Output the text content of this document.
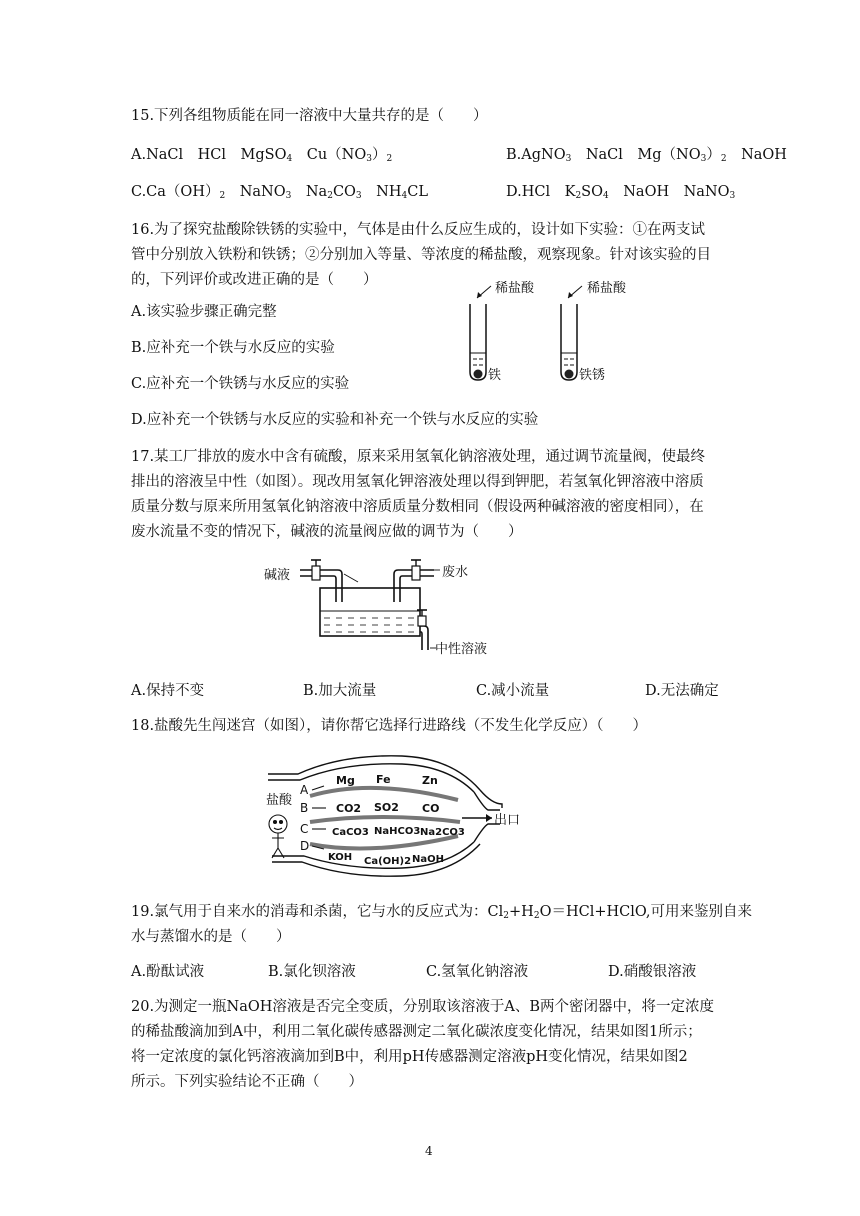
15.下列各组物质能在同一溶液中大量共存的是（　　）
A.NaCl　HCl　MgSO$_4$　$Cu(NO_3)_2$	B.AgNO$_3$　NaCl　$Mg(NO_3)_2$　NaOH
$C.Ca(OH)_2$　NaNO$_3$　$Na_2CO_3$　$NH_4CL$	D.HCl　$K_2SO_4$　NaOH　NaNO$_3$
16.为了探究盐酸除铁锈的实验中，气体是由什么反应生成的，设计如下实验：①在两支试
管中分别放入铁粉和铁锈；②分别加入等量、等浓度的稀盐酸，观察现象。针对该实验的目
的，下列评价或改进正确的是（　　）
A.该实验步骤正确完整
B.应补充一个铁与水反应的实验
C.应补充一个铁锈与水反应的实验
D.应补充一个铁锈与水反应的实验和补充一个铁与水反应的实验
稀盐酸
铁
稀盐酸
铁锈
17.某工厂排放的废水中含有硫酸，原来采用氢氧化钠溶液处理，通过调节流量阀，使最终
排出的溶液呈中性（如图）。现改用氢氧化钾溶液处理以得到钾肥，若氢氧化钾溶液中溶质
质量分数与原来所用氢氧化钠溶液中溶质质量分数相同（假设两种碱溶液的密度相同），在
废水流量不变的情况下，碱液的流量阀应做的调节为（　　）
碱液	废水
中性溶液
A.保持不变	B.加大流量	C.减小流量	D.无法确定
18.盐酸先生闯迷宫（如图），请你帮它选择行进路线（不发生化学反应）（　　）
出口
盐酸
A
B
C
D
Mg Fe	Zn
CO2 SO2 CO
CaCO3 NaHCO3 Na2CO3
KOH Ca(OH)2 NaOH
19.氯气用于自来水的消毒和杀菌，它与水的反应式为：$Cl_2+H_2O=HCl+HClO$,可用来鉴别自来
水与蒸馏水的是（　　）
A.酚酞试液	B.氯化钡溶液	C.氢氧化钠溶液	D.硝酸银溶液
20.为测定一瓶NaOH溶液是否完全变质，分别取该溶液于A、B两个密闭器中，将一定浓度
的稀盐酸滴加到A中，利用二氧化碳传感器测定二氧化碳浓度变化情况，结果如图1所示；
将一定浓度的氯化钙溶液滴加到B中，利用pH传感器测定溶液pH变化情况，结果如图2
所示。下列实验结论不正确（　　）
4
